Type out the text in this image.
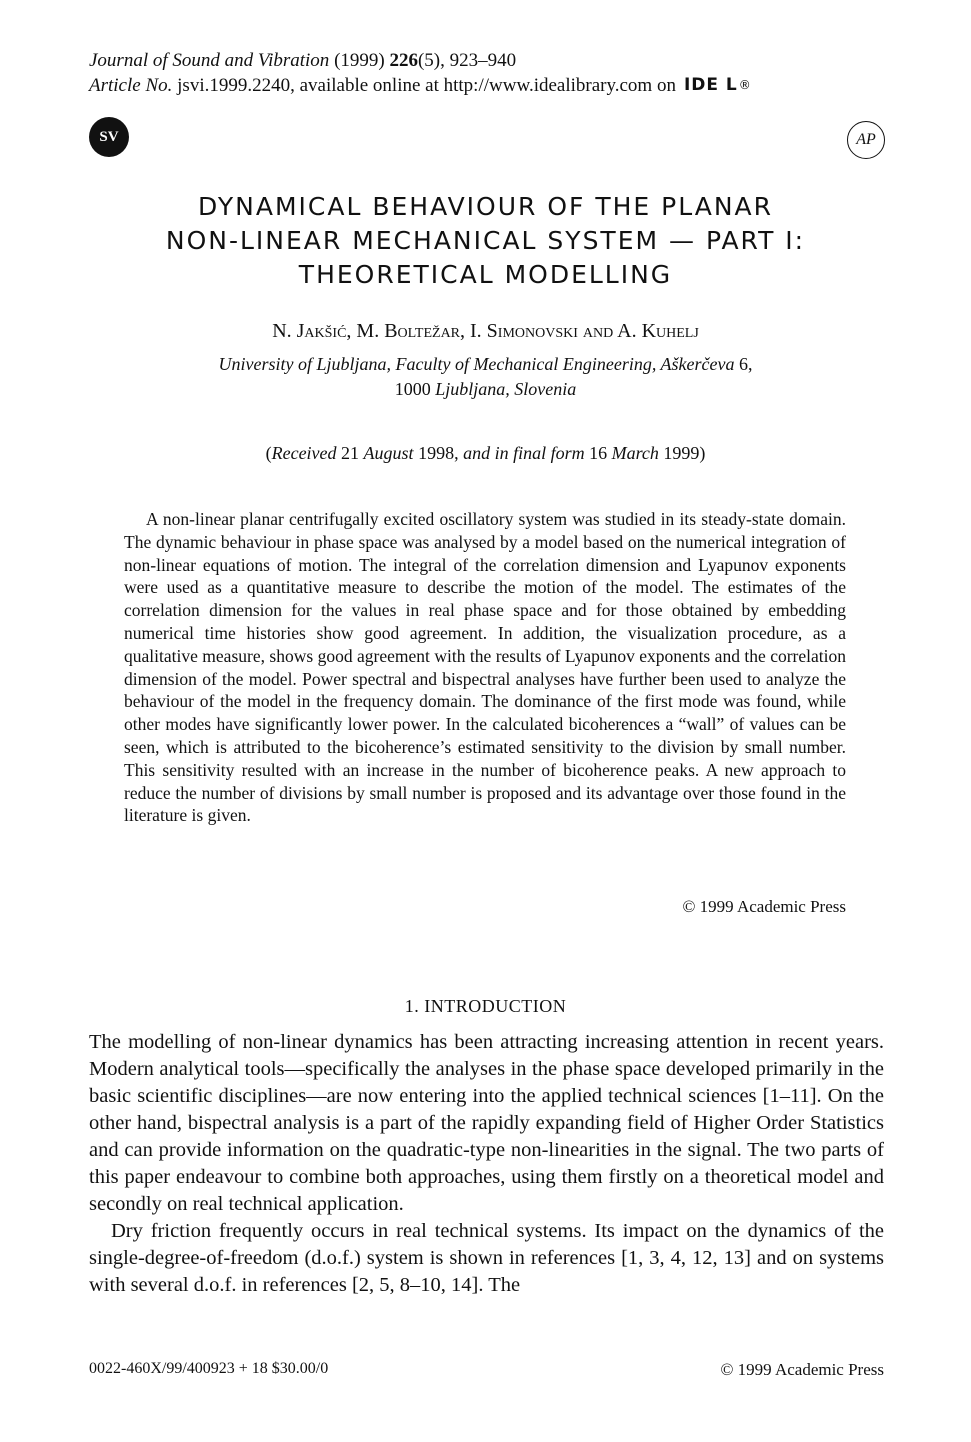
Journal of Sound and Vibration (1999) 226(5), 923–940
Article No.
jsvi.1999.2240, available online at http://www.idealibrary.com on IDE L ®
SV	AP
DYNAMICAL BEHAVIOUR OF THE PLANAR
NON-LINEAR MECHANICAL SYSTEM — PART I:
THEORETICAL MODELLING
N. Jakšić, M. Boltežar, I. Simonovski and A. Kuhelj
University of Ljubljana, Faculty of Mechanical Engineering, Aškerčeva 6,
1000 Ljubljana, Slovenia
(Received 21 August 1998, and in final form 16 March 1999)

A non-linear planar centrifugally excited oscillatory system was studied in its steady-state domain. The dynamic behaviour in phase space was analysed by a model based on the numerical integration of non-linear equations of motion. The integral of the correlation dimension and Lyapunov exponents were used as a quantitative measure to describe the motion of the model. The estimates of the correlation dimension for the values in real phase space and for those obtained by embedding numerical time histories show good agreement. In addition, the visualization procedure, as a qualitative measure, shows good agreement with the results of Lyapunov exponents and the correlation dimension of the model. Power spectral and bispectral analyses have further been used to analyze the behaviour of the model in the frequency domain. The dominance of the first mode was found, while other modes have significantly lower power. In the calculated bicoherences a “wall” of values can be seen, which is attributed to the bicoherence’s estimated sensitivity to the division by small number. This sensitivity resulted with an increase in the number of bicoherence peaks. A new approach to reduce the number of divisions by small number is proposed and its advantage over those found in the literature is given.

© 1999 Academic Press
1. INTRODUCTION

The modelling of non-linear dynamics has been attracting increasing attention in recent years. Modern analytical tools—specifically the analyses in the phase space developed primarily in the basic scientific disciplines—are now entering into the applied technical sciences [1–11]. On the other hand, bispectral analysis is a part of the rapidly expanding field of Higher Order Statistics and can provide information on the quadratic-type non-linearities in the signal. The two parts of this paper endeavour to combine both approaches, using them firstly on a theoretical model and secondly on real technical application.

Dry friction frequently occurs in real technical systems. Its impact on the dynamics of the single-degree-of-freedom (d.o.f.) system is shown in references [1, 3, 4, 12, 13] and on systems with several d.o.f. in references [2, 5, 8–10, 14]. The

0022-460X/99/400923 + 18 $30.00/0	© 1999 Academic Press
